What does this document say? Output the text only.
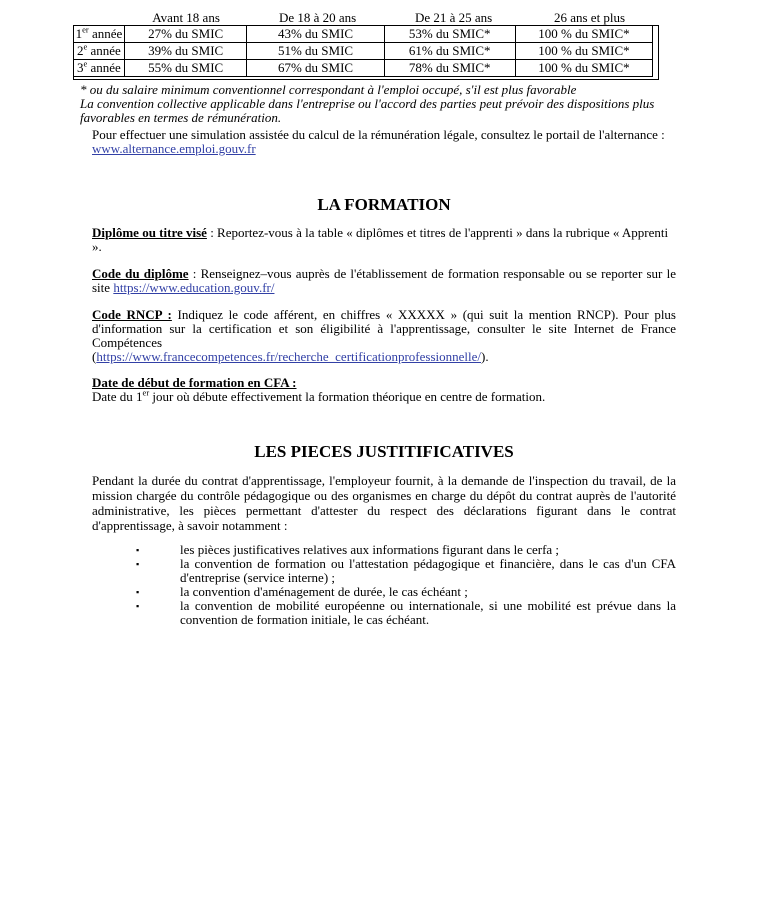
	Avant 18 ans	De 18 à 20 ans	De 21 à 25 ans	26 ans et plus
1er année	27% du SMIC	43% du SMIC	53% du SMIC*	100 % du SMIC*
2e année	39% du SMIC	51% du SMIC	61% du SMIC*	100 % du SMIC*
3e année	55% du SMIC	67% du SMIC	78% du SMIC*	100 % du SMIC*
* ou du salaire minimum conventionnel correspondant à l'emploi occupé, s'il est plus favorable
La convention collective applicable dans l'entreprise ou l'accord des parties peut prévoir des dispositions plus favorables en termes de rémunération.

Pour effectuer une simulation assistée du calcul de la rémunération légale, consultez le portail de l'alternance :
www.alternance.emploi.gouv.fr

LA FORMATION

Diplôme ou titre visé : Reportez-vous à la table « diplômes et titres de l'apprenti » dans la rubrique « Apprenti ».

Code du diplôme : Renseignez–vous auprès de l'établissement de formation responsable ou se reporter sur le site https://www.education.gouv.fr/

Code RNCP : Indiquez le code afférent, en chiffres « XXXXX » (qui suit la mention RNCP). Pour plus d'information sur la certification et son éligibilité à l'apprentissage, consulter le site Internet de France Compétences
(https://www.francecompetences.fr/recherche_certificationprofessionnelle/).

Date de début de formation en CFA :
Date du 1er jour où débute effectivement la formation théorique en centre de formation.

LES PIECES JUSTITIFICATIVES

Pendant la durée du contrat d'apprentissage, l'employeur fournit, à la demande de l'inspection du travail, de la mission chargée du contrôle pédagogique ou des organismes en charge du dépôt du contrat auprès de l'autorité administrative, les pièces permettant d'attester du respect des déclarations figurant dans le contrat d'apprentissage, à savoir notamment :

▪ les pièces justificatives relatives aux informations figurant dans le cerfa ;
▪ la convention de formation ou l'attestation pédagogique et financière, dans le cas d'un CFA d'entreprise (service interne) ;
▪ la convention d'aménagement de durée, le cas échéant ;
▪ la convention de mobilité européenne ou internationale, si une mobilité est prévue dans la convention de formation initiale, le cas échéant.
